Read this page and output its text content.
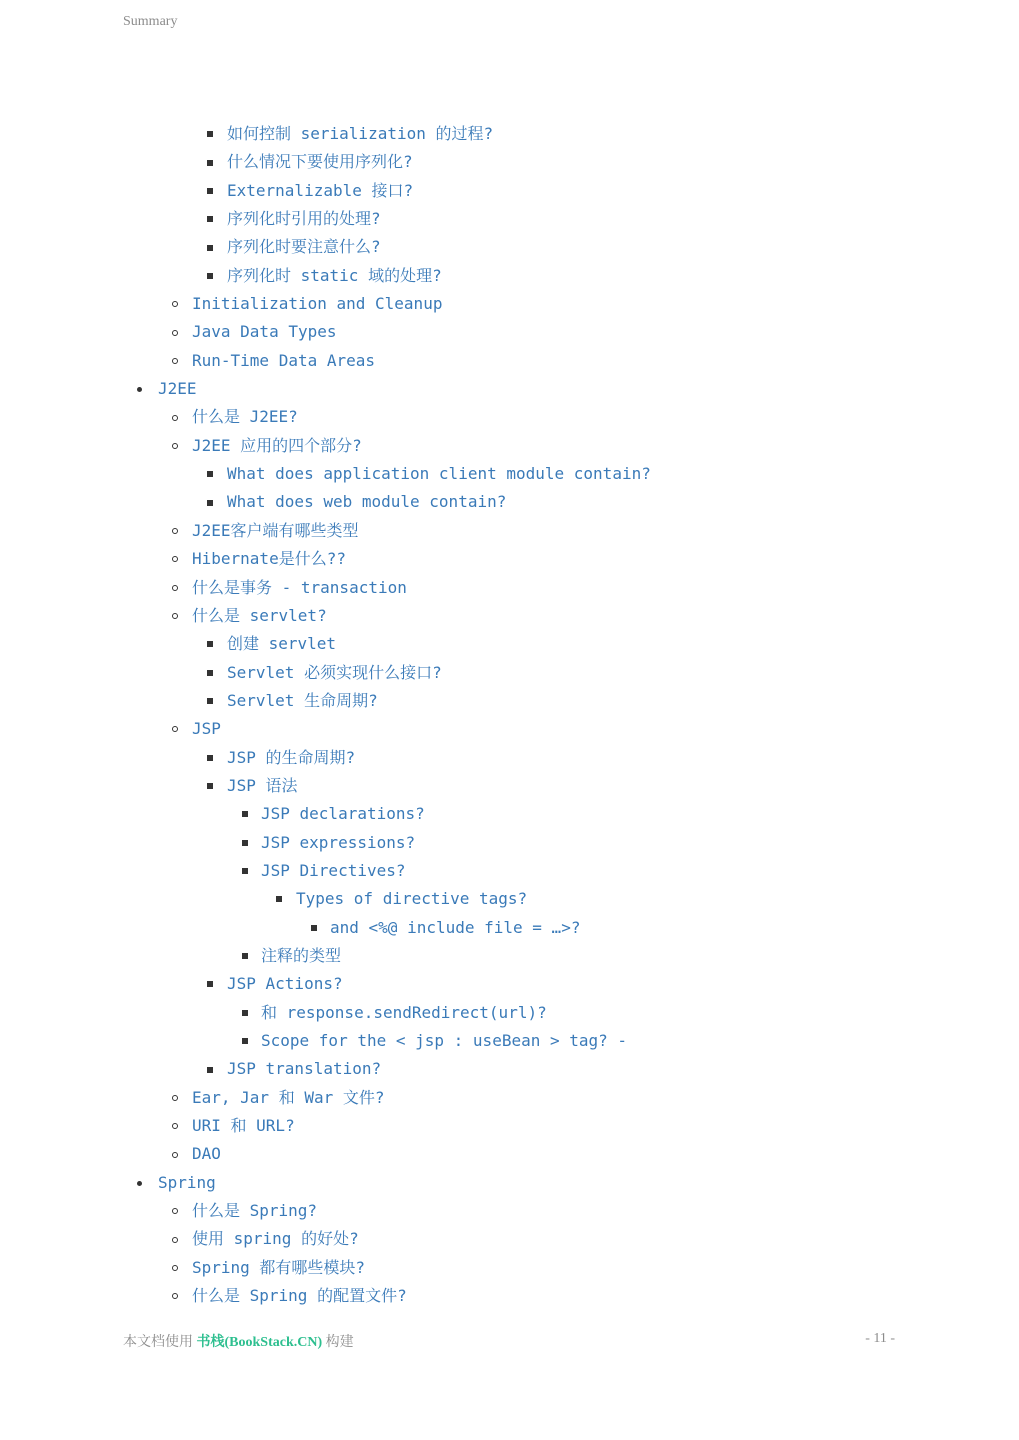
Summary
如何控制 serialization 的过程?
什么情况下要使用序列化?
Externalizable 接口?
序列化时引用的处理?
序列化时要注意什么?
序列化时 static 域的处理?
Initialization and Cleanup
Java Data Types
Run-Time Data Areas
J2EE
什么是 J2EE?
J2EE 应用的四个部分?
What does application client module contain?
What does web module contain?
J2EE客户端有哪些类型
Hibernate是什么??
什么是事务 - transaction
什么是 servlet?
创建 servlet
Servlet 必须实现什么接口?
Servlet 生命周期?
JSP
JSP 的生命周期?
JSP 语法
JSP declarations?
JSP expressions?
JSP Directives?
Types of directive tags?
and <%@ include file = …>?
注释的类型
JSP Actions?
和 response.sendRedirect(url)?
Scope for the < jsp : useBean > tag? -
JSP translation?
Ear, Jar 和 War 文件?
URI 和 URL?
DAO
Spring
什么是 Spring?
使用 spring 的好处?
Spring 都有哪些模块?
什么是 Spring 的配置文件?
本文档使用 书栈(BookStack.CN) 构建	- 11 -
